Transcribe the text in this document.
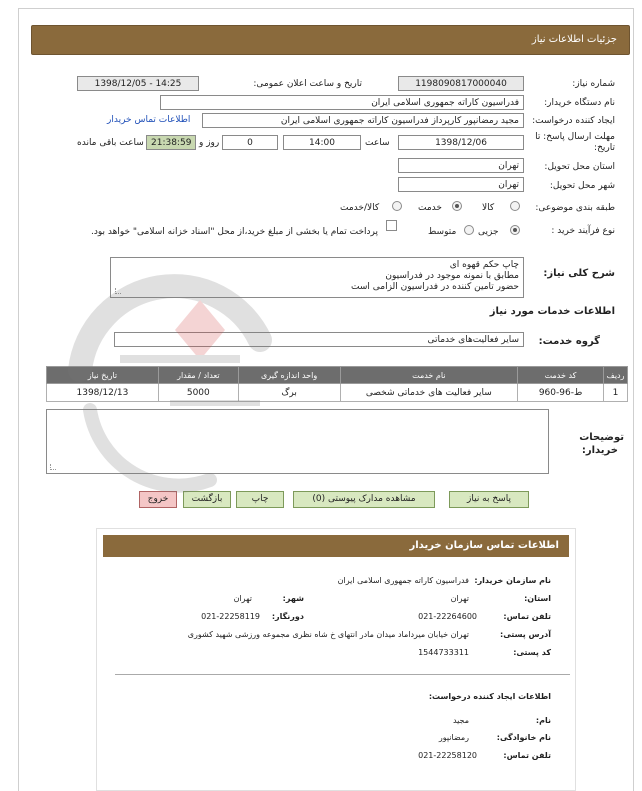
جزئیات اطلاعات نیاز
شماره نیاز:
1198090817000040
تاریخ و ساعت اعلان عمومی:
1398/12/05 - 14:25
نام دستگاه خریدار:
فدراسیون کاراته جمهوری اسلامی ایران
ایجاد کننده درخواست:
مجید رمضانپور کارپرداز فدراسیون کاراته جمهوری اسلامی ایران
اطلاعات تماس خریدار
مهلت ارسال پاسخ: تا
تاریخ:
1398/12/06
ساعت
14:00
0
روز و
21:38:59
ساعت باقی مانده
استان محل تحویل:
تهران
شهر محل تحویل:
تهران
طبقه بندی موضوعی:
کالا
خدمت
کالا/خدمت
نوع فرآیند خرید :
جزیی
متوسط
پرداخت تمام یا بخشی از مبلغ خرید،از محل "اسناد خزانه اسلامی" خواهد بود.
شرح کلی نیاز:
چاپ حکم قهوه ای
مطابق با نمونه موجود در فدراسیون
حضور تامین کننده در فدراسیون الزامی است
اطلاعات خدمات مورد نیاز
گروه خدمت:
سایر فعالیت‌های خدماتی
ردیف	کد خدمت	نام خدمت	واحد اندازه گیری	تعداد / مقدار	تاریخ نیاز
1	ط-96-960	سایر فعالیت های خدماتی شخصی	برگ	5000	1398/12/13
توضیحات
خریدار:
پاسخ به نیاز
مشاهده مدارک پیوستی (0)
چاپ
بازگشت
خروج
اطلاعات تماس سازمان خریدار
نام سازمان خریدار:
فدراسیون کاراته جمهوری اسلامی ایران
استان:
تهران
شهر:
تهران
تلفن تماس:
021-22264600
دورنگار:
021-22258119
آدرس پستی:
تهران خیابان میرداماد میدان مادر انتهای خ شاه نظری مجموعه ورزشی شهید کشوری
کد پستی:
1544733311
اطلاعات ایجاد کننده درخواست:
نام:
مجید
نام خانوادگی:
رمضانپور
تلفن تماس:
021-22258120
